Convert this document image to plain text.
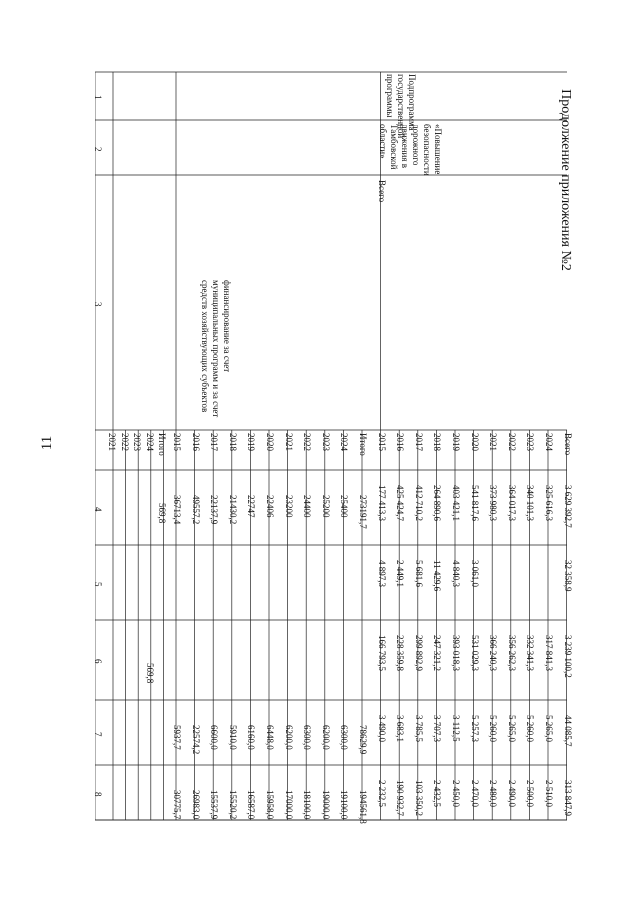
11
Продолжение приложения №2
1
2
3
4
5
6
7
8
2021 2022 2023 2024 Итого
569,8
569,8
финансирование за счет муниципальных программ и за счет средств хозяйствующих субъектов
2015
36713,4
5937,7
30775,7
2016
49557,2
22574,2
26983,0
2017
22137,9
6600,0
15537,9
2018
21430,2
5910,0
15520,2
2019
22747
6160,0
16587,0
2020
22406
6448,0
15958,0
2021
23200
6200,0
17000,0
2022
24400
6300,0
18100,0
2023
25200
6200,0
19000,0
2024
25400
6300,0
19100,0
Итого
273191,7
78629,9
194561,8
Подпрограмма государственной программы
«Повышение безопасности дорожного движения в Тамбовской области»
Всего
2015
177 413,3
4 897,3
166 793,5
3 490,0
2 232,5
2016
425 424,7
2 449,1
228 359,8
3 683,1
190 932,7
2017
412 710,2
5 681,6
299 892,9
3 785,5
103 350,2
2018
264 890,6
11 429,6
247 321,2
3 707,3
2 432,5
2019
403 421,1
4 840,3
393 018,3
3 112,5
2 450,0
2020
541 817,6
3 061,0
531 029,3
5 257,3
2 470,0
2021
373 980,3
366 240,3
5 260,0
2 480,0
2022
364 017,3
356 262,3
5 265,0
2 490,0
2023
340 101,3
332 341,3
5 260,0
2 500,0
2024
325 616,3
317 841,3
5 265,0
2 510,0
Всего
3 629 392,7
32 358,9
3 239 100,2
44 085,7
313 847,9
